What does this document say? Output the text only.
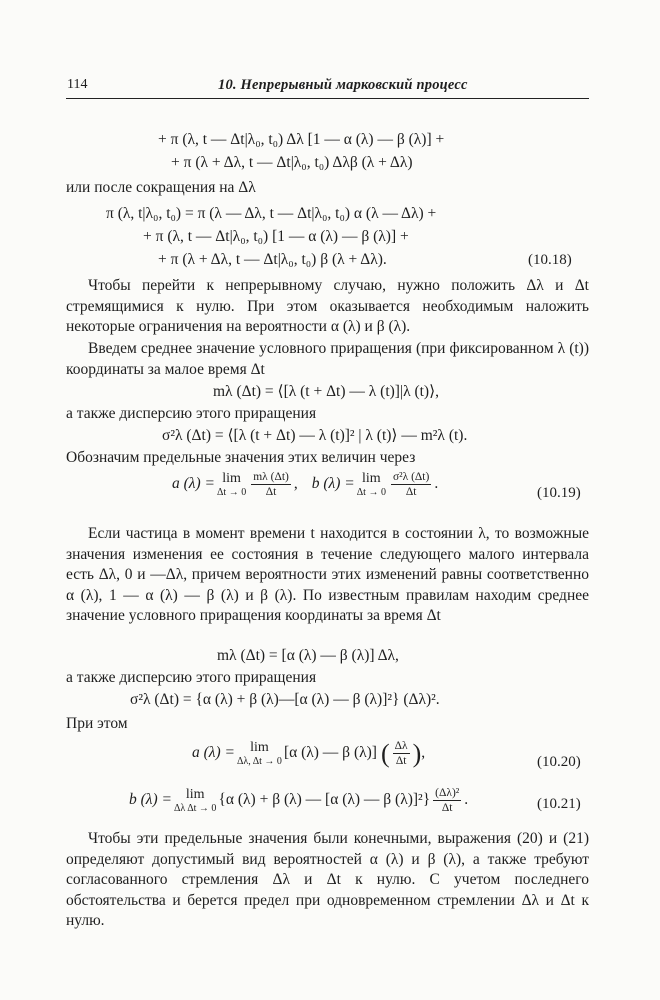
114	10. Непрерывный марковский процесс
+ π (λ, t — Δt|λ₀, t₀) Δλ [1 — α (λ) — β (λ)] +
+ π (λ + Δλ, t — Δt|λ₀, t₀) Δλβ (λ + Δλ)
или после сокращения на Δλ
π (λ, t|λ₀, t₀) = π (λ — Δλ, t — Δt|λ₀, t₀) α (λ — Δλ) +
+ π (λ, t — Δt|λ₀, t₀) [1 — α (λ) — β (λ)] +
+ π (λ + Δλ, t — Δt|λ₀, t₀) β (λ + Δλ).	(10.18)
Чтобы перейти к непрерывному случаю, нужно положить Δλ и Δt стремящимися к нулю. При этом оказывается необходимым наложить некоторые ограничения на вероятности α (λ) и β (λ).
Введем среднее значение условного приращения (при фиксированном λ (t)) координаты за малое время Δt
mλ (Δt) = ⟨[λ (t + Δt) — λ (t)]|λ (t)⟩,
а также дисперсию этого приращения
σ²λ (Δt) = ⟨[λ (t + Δt) — λ (t)]² | λ (t)⟩ — m²λ (t).
Обозначим предельные значения этих величин через
a (λ) = lim
$\Delta t \to 0 \frac{m\lambda (\Delta t)}{\Delta t}$ , b (λ) = lim
$\Delta t \to 0 \frac{\text{σ²λ (Δt)}}{\Delta t}$ .
(10.19)
Если частица в момент времени t находится в состоянии λ, то возможные значения изменения ее состояния в течение следующего малого интервала есть Δλ, 0 и —Δλ, причем вероятности этих изменений равны соответственно α (λ), 1 — α (λ) — β (λ) и β (λ). По известным правилам находим среднее значение условного приращения координаты за время Δt
mλ (Δt) = [α (λ) — β (λ)] Δλ,
а также дисперсию этого приращения
σ²λ (Δt) = {α (λ) + β (λ)—[α (λ) — β (λ)]²} (Δλ)².
При этом
a (λ) =	lim
Δλ, Δt → 0
[α (λ) — β (λ)] ( $\frac{\Delta\lambda}{\Delta t}$ ) ,
(10.20)
b (λ) = lim
Δλ Δt → 0
{α (λ) + β (λ) — [α (λ) — β $(\lambda)]^2\} \frac{\text{(Δλ)²}}{\Delta t}$ .	(10.21)
Чтобы эти предельные значения были конечными, выражения (20) и (21) определяют допустимый вид вероятностей α (λ) и β (λ), а также требуют согласованного стремления Δλ и Δt к нулю. С учетом последнего обстоятельства и берется предел при одновременном стремлении Δλ и Δt к нулю.
